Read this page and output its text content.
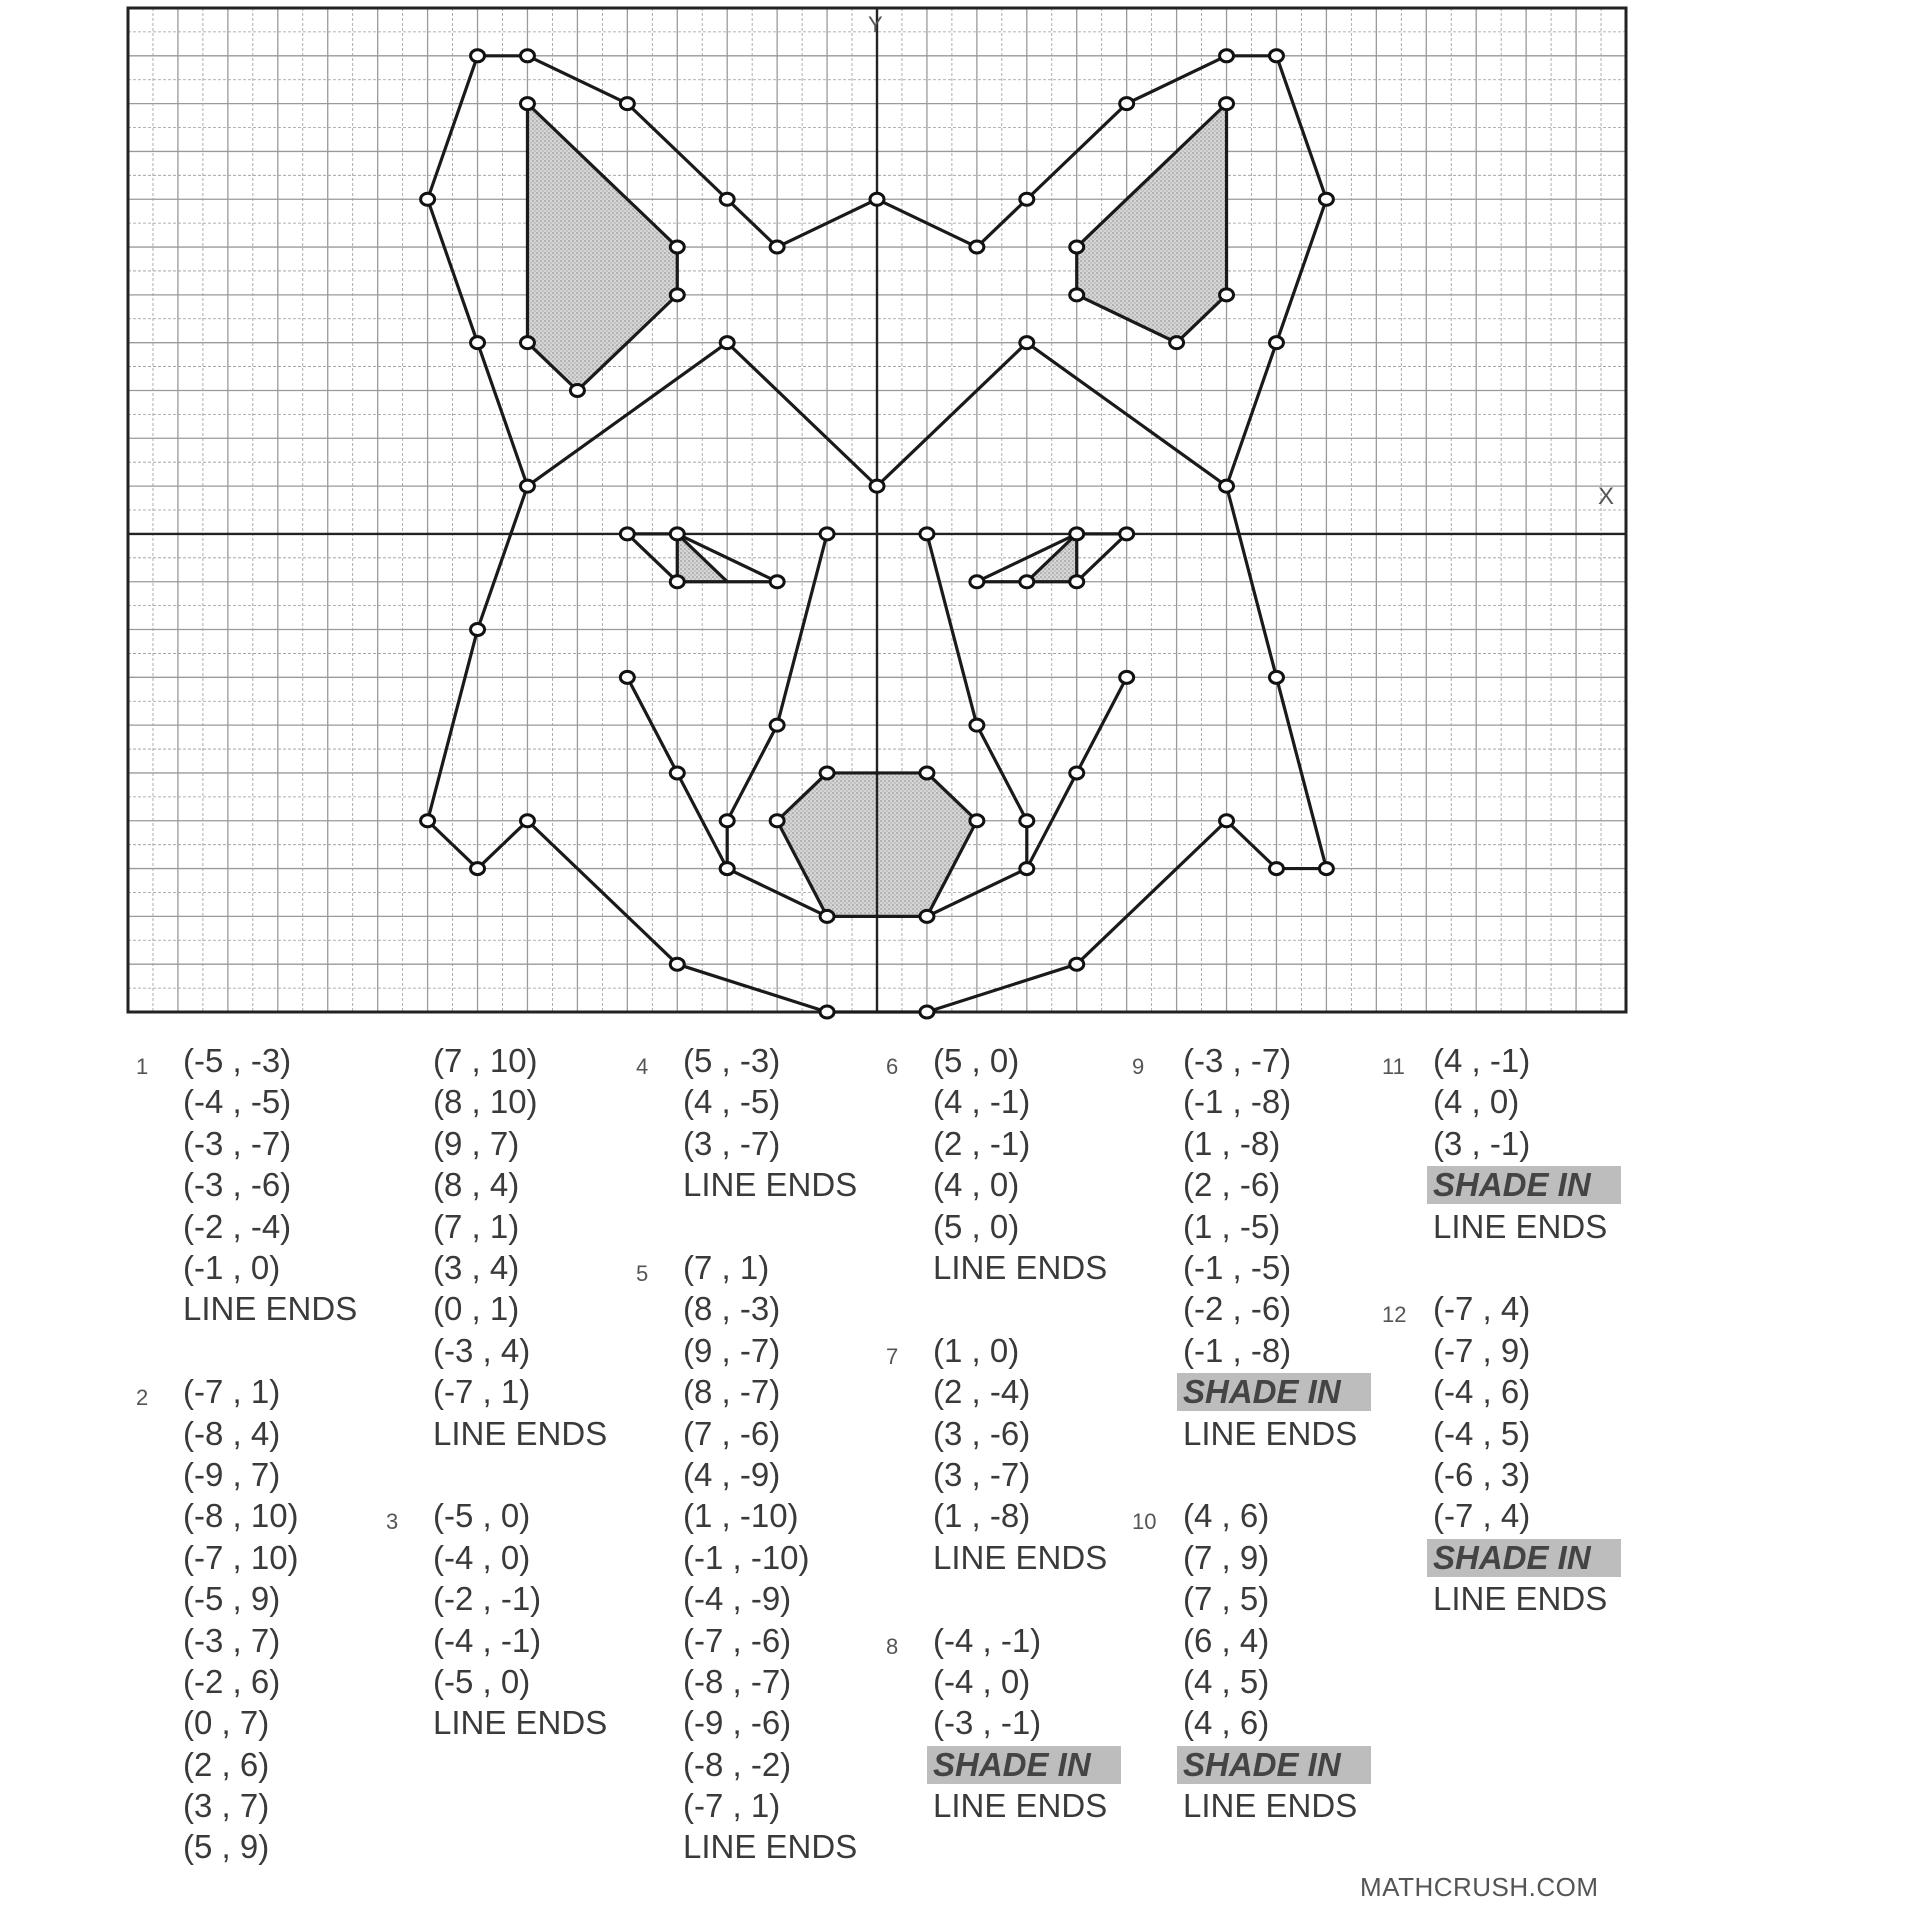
Y
X
1 (-5 , -3)
(-4 , -5)
(-3 , -7)
(-3 , -6)
(-2 , -4)
(-1 , 0)
LINE ENDS
2 (-7 , 1)
(-8 , 4)
(-9 , 7)
(-8 , 10)
(-7 , 10)
(-5 , 9)
(-3 , 7)
(-2 , 6)
(0 , 7)
(2 , 6)
(3 , 7)
(5 , 9)
(7 , 10)
(8 , 10)
(9 , 7)
(8 , 4)
(7 , 1)
(3 , 4)
(0 , 1)
(-3 , 4)
(-7 , 1)
LINE ENDS
3 (-5 , 0)
(-4 , 0)
(-2 , -1)
(-4 , -1)
(-5 , 0)
LINE ENDS
4 (5 , -3)
(4 , -5)
(3 , -7)
LINE ENDS
5 (7 , 1)
(8 , -3)
(9 , -7)
(8 , -7)
(7 , -6)
(4 , -9)
(1 , -10)
(-1 , -10)
(-4 , -9)
(-7 , -6)
(-8 , -7)
(-9 , -6)
(-8 , -2)
(-7 , 1)
LINE ENDS
6 (5 , 0)
(4 , -1)
(2 , -1)
(4 , 0)
(5 , 0)
LINE ENDS
7 (1 , 0)
(2 , -4)
(3 , -6)
(3 , -7)
(1 , -8)
LINE ENDS
8 (-4 , -1)
(-4 , 0)
(-3 , -1)
SHADE IN
LINE ENDS
9 (-3 , -7)
(-1 , -8)
(1 , -8)
(2 , -6)
(1 , -5)
(-1 , -5)
(-2 , -6)
(-1 , -8)
SHADE IN
LINE ENDS
10 (4 , 6)
(7 , 9)
(7 , 5)
(6 , 4)
(4 , 5)
(4 , 6)
SHADE IN
LINE ENDS
11 (4 , -1)
(4 , 0)
(3 , -1)
SHADE IN
LINE ENDS
12 (-7 , 4)
(-7 , 9)
(-4 , 6)
(-4 , 5)
(-6 , 3)
(-7 , 4)
SHADE IN
LINE ENDS
MATHCRUSH.COM
